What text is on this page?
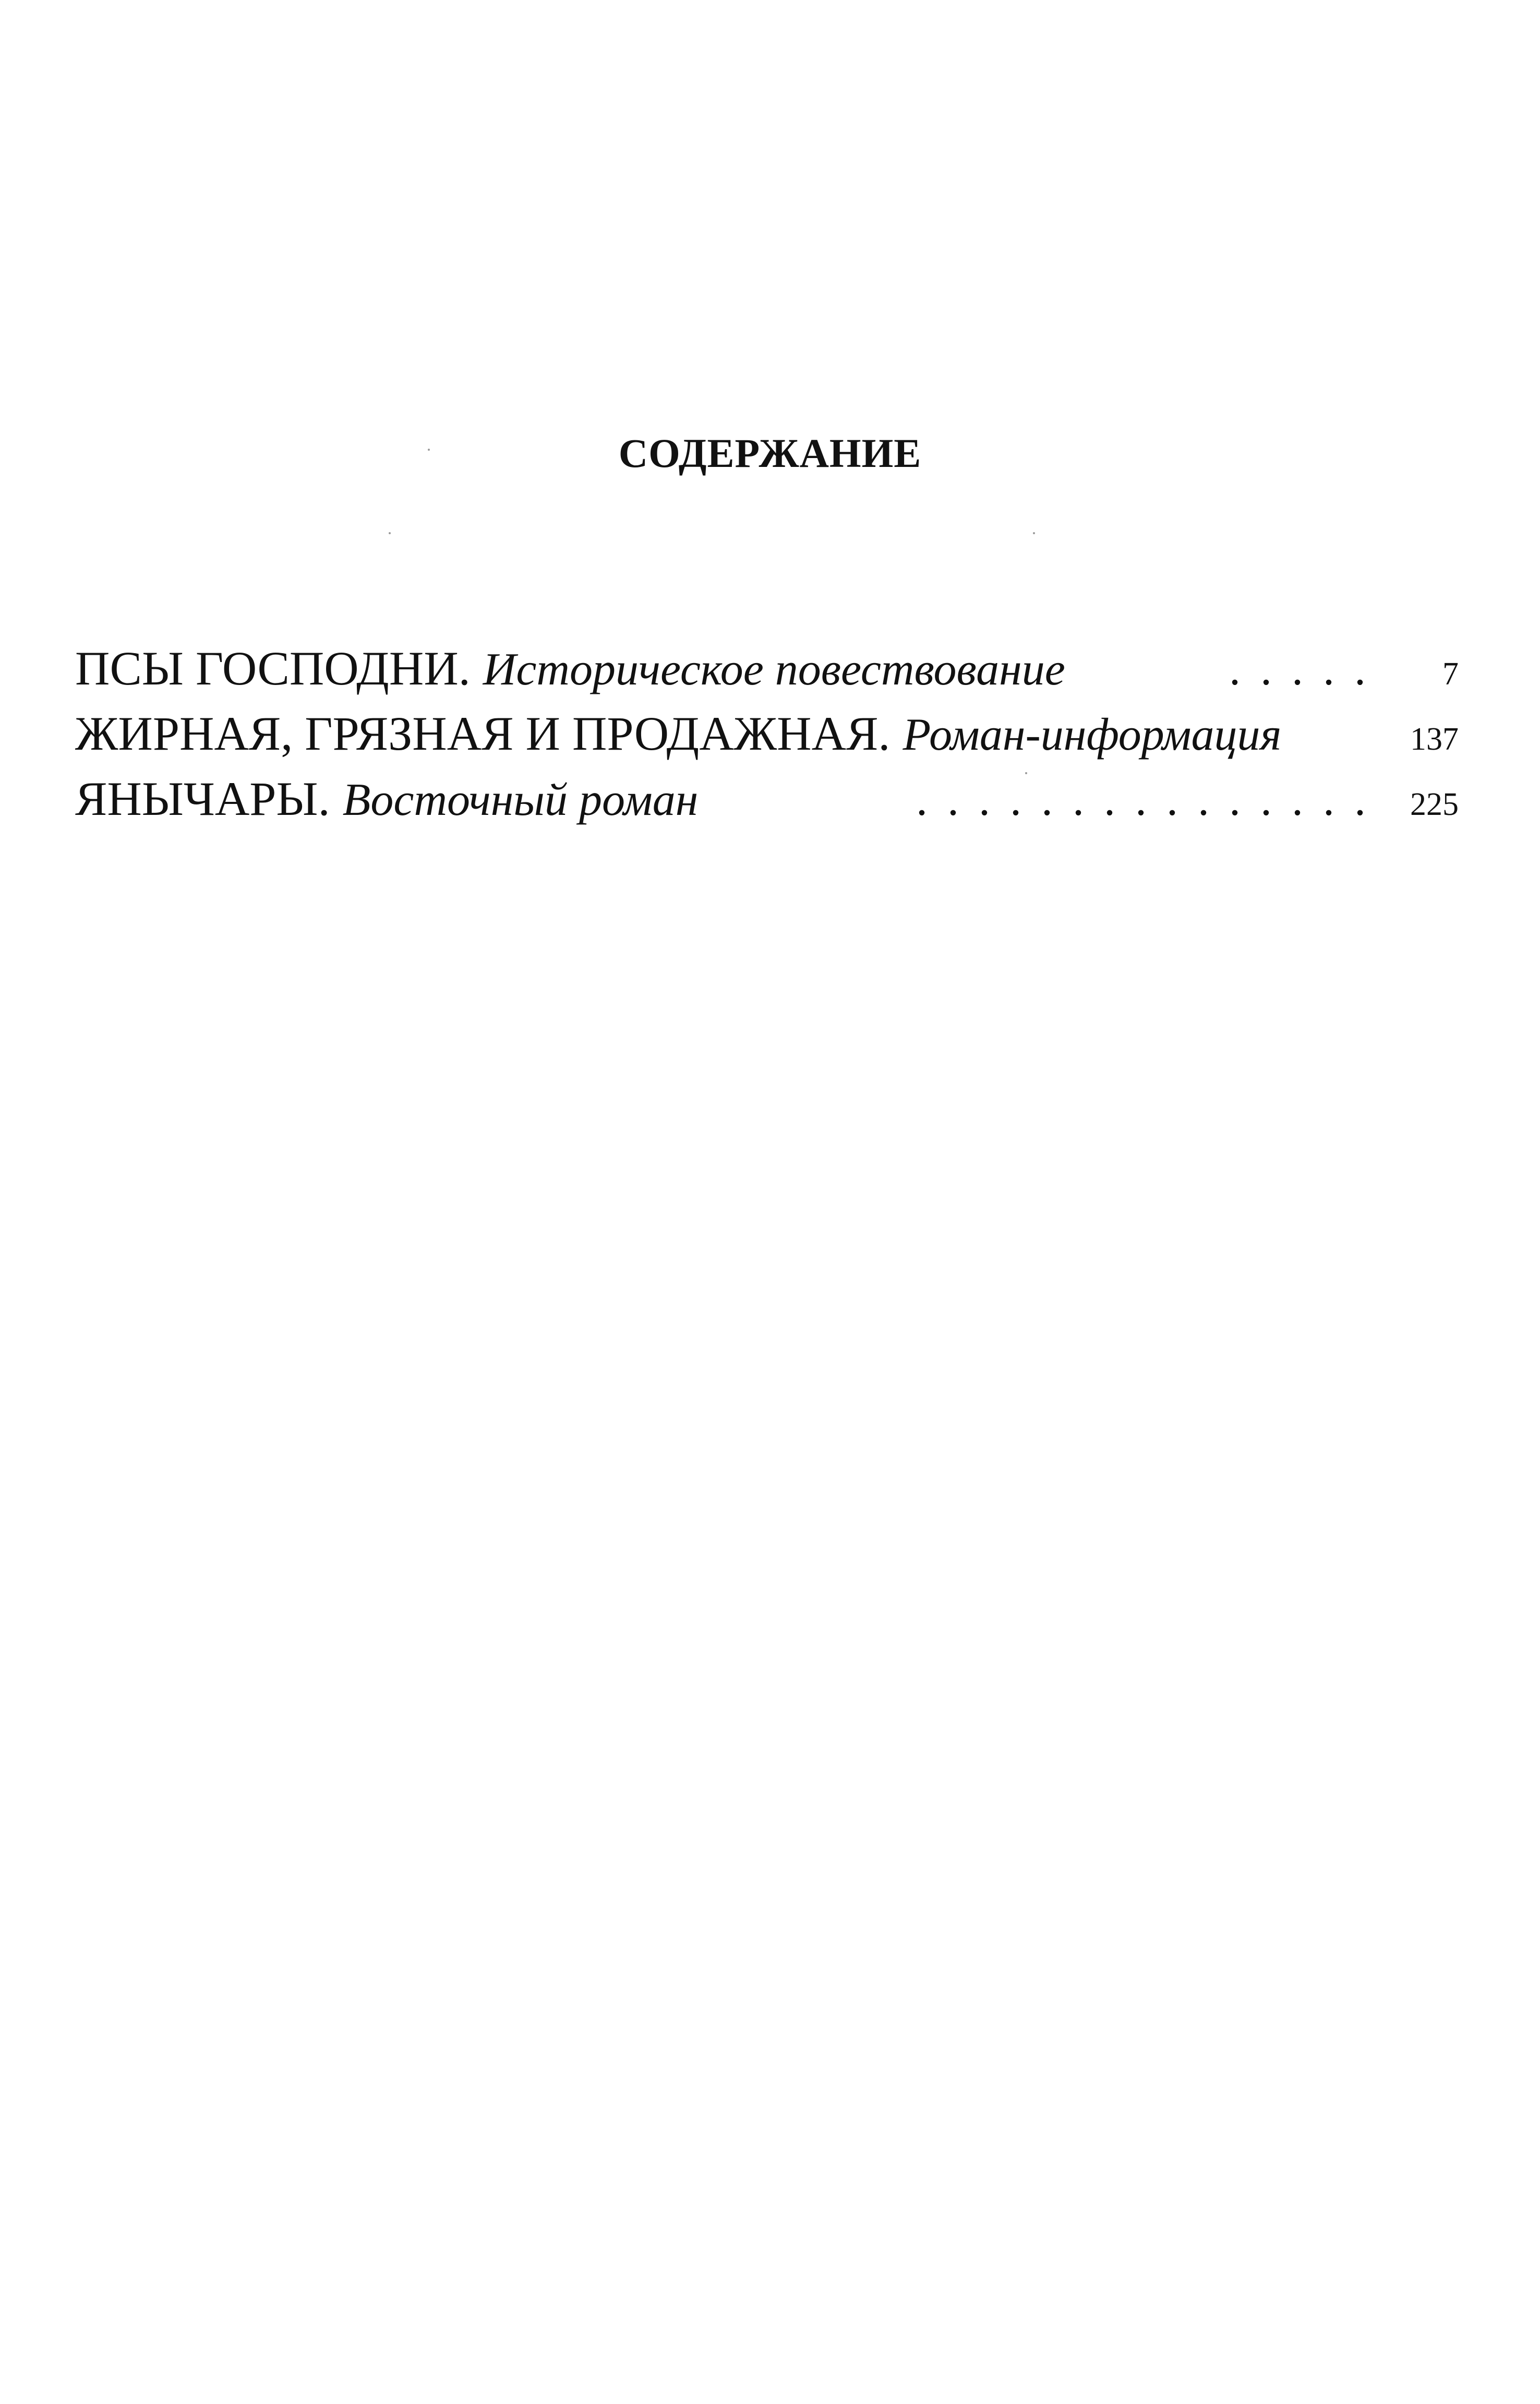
СОДЕРЖАНИЕ
ПСЫ ГОСПОДНИ. Историческое повествование	.....	7
ЖИРНАЯ, ГРЯЗНАЯ И ПРОДАЖНАЯ. Роман-информация	137
ЯНЫЧАРЫ. Восточный роман	............... 225
